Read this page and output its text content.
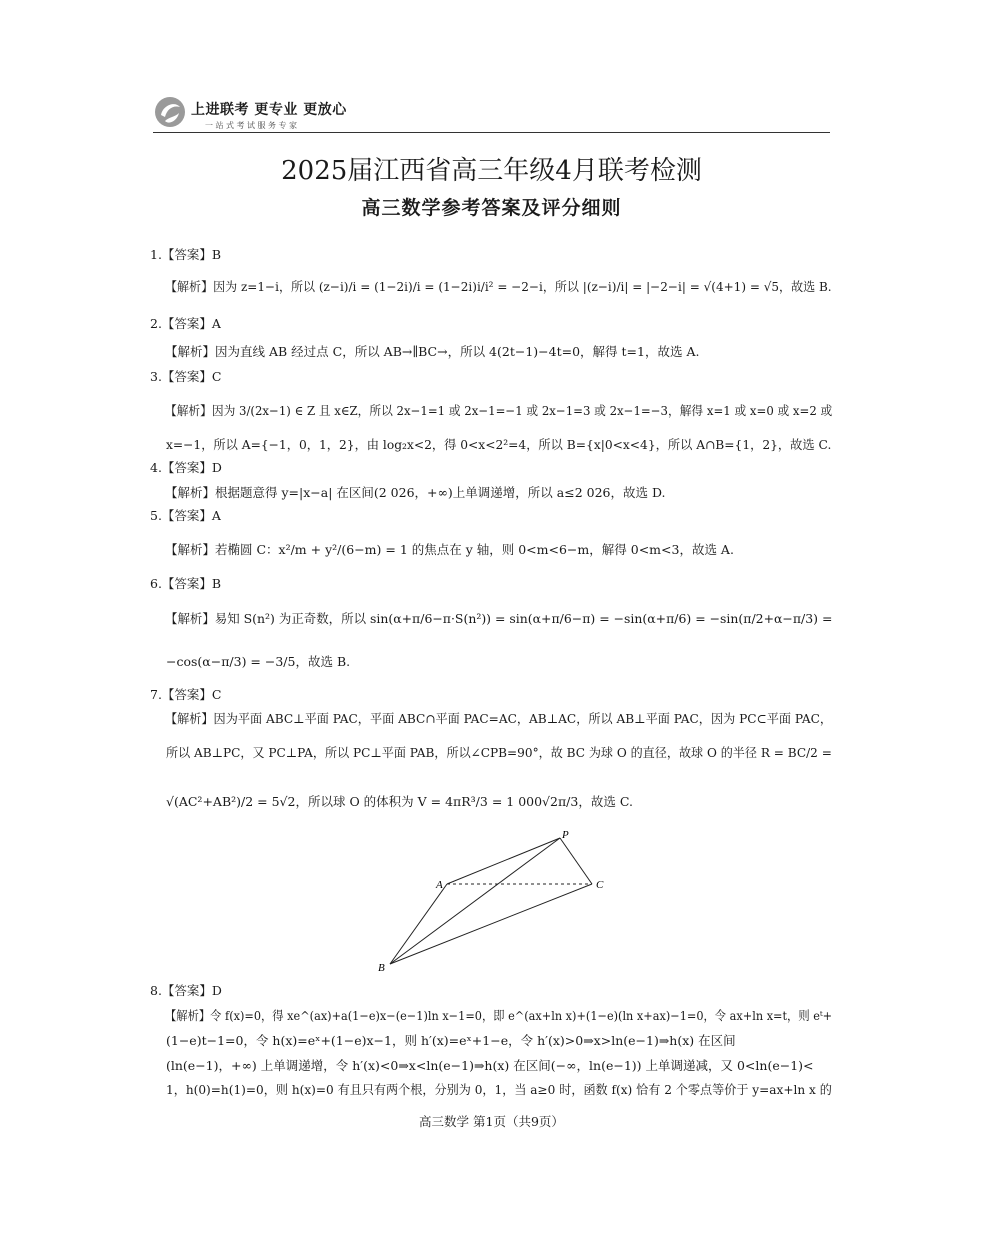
上进联考 更专业 更放心
一站式考试服务专家
2025届江西省高三年级4月联考检测
高三数学参考答案及评分细则
1.【答案】B
【解析】因为 z=1−i，所以 (z−i)/i = (1−2i)/i = (1−2i)i/i² = −2−i，所以 |(z−i)/i| = |−2−i| = √(4+1) = √5，故选 B.
2.【答案】A
【解析】因为直线 AB 经过点 C，所以 AB→∥BC→，所以 4(2t−1)−4t=0，解得 t=1，故选 A.
3.【答案】C
【解析】因为 3/(2x−1) ∈ Z 且 x∈Z，所以 2x−1=1 或 2x−1=−1 或 2x−1=3 或 2x−1=−3，解得 x=1 或 x=0 或 x=2 或
x=−1，所以 A={−1，0，1，2}，由 log₂x<2，得 0<x<2²=4，所以 B={x|0<x<4}，所以 A∩B={1，2}，故选 C.
4.【答案】D
【解析】根据题意得 y=|x−a| 在区间(2 026，+∞)上单调递增，所以 a≤2 026，故选 D.
5.【答案】A
【解析】若椭圆 C：x²/m + y²/(6−m) = 1 的焦点在 y 轴，则 0<m<6−m，解得 0<m<3，故选 A.
6.【答案】B
【解析】易知 S(n²) 为正奇数，所以 sin(α+π/6−π·S(n²)) = sin(α+π/6−π) = −sin(α+π/6) = −sin(π/2+α−π/3) =
−cos(α−π/3) = −3/5，故选 B.
7.【答案】C
【解析】因为平面 ABC⊥平面 PAC，平面 ABC∩平面 PAC=AC，AB⊥AC，所以 AB⊥平面 PAC，因为 PC⊂平面 PAC，
所以 AB⊥PC，又 PC⊥PA，所以 PC⊥平面 PAB，所以∠CPB=90°，故 BC 为球 O 的直径，故球 O 的半径 R = BC/2 =
√(AC²+AB²)/2 = 5√2，所以球 O 的体积为 V = 4πR³/3 = 1 000√2π/3，故选 C.
P
A	C
B
8.【答案】D
【解析】令 f(x)=0，得 xe^(ax)+a(1−e)x−(e−1)ln x−1=0，即 e^(ax+ln x)+(1−e)(ln x+ax)−1=0，令 ax+ln x=t，则 eᵗ+
(1−e)t−1=0，令 h(x)=eˣ+(1−e)x−1，则 h′(x)=eˣ+1−e，令 h′(x)>0⇒x>ln(e−1)⇒h(x) 在区间
(ln(e−1)，+∞) 上单调递增，令 h′(x)<0⇒x<ln(e−1)⇒h(x) 在区间(−∞，ln(e−1)) 上单调递减，又 0<ln(e−1)<
1，h(0)=h(1)=0，则 h(x)=0 有且只有两个根，分别为 0，1，当 a≥0 时，函数 f(x) 恰有 2 个零点等价于 y=ax+ln x 的
高三数学 第1页（共9页）
